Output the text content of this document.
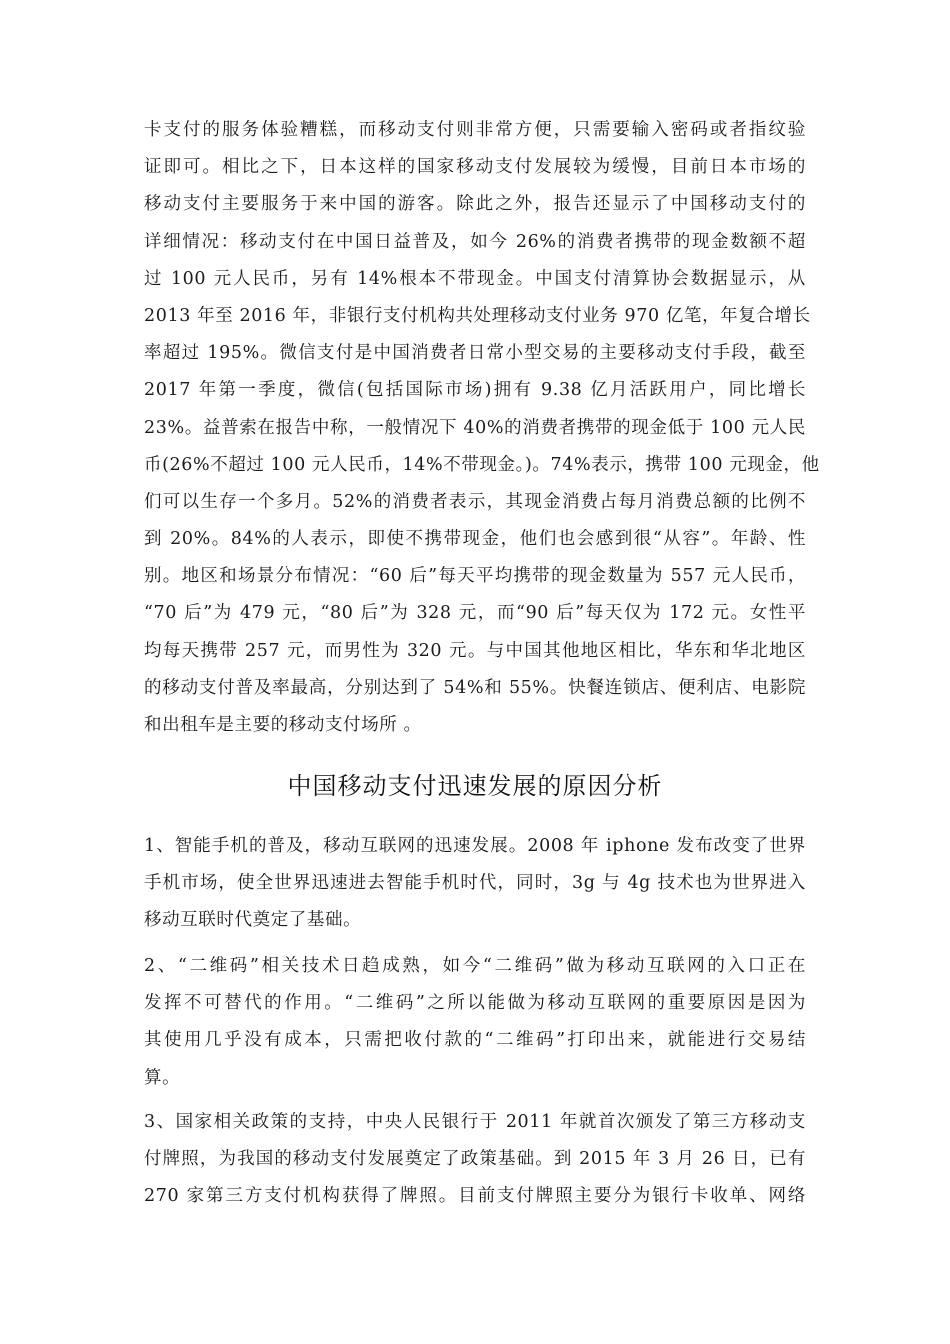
卡支付的服务体验糟糕，而移动支付则非常方便，只需要输入密码或者指纹验
证即可。相比之下，日本这样的国家移动支付发展较为缓慢，目前日本市场的
移动支付主要服务于来中国的游客。除此之外，报告还显示了中国移动支付的
详细情况：移动支付在中国日益普及，如今 26%的消费者携带的现金数额不超
过 100 元人民币，另有 14%根本不带现金。中国支付清算协会数据显示，从
2013 年至 2016 年，非银行支付机构共处理移动支付业务 970 亿笔，年复合增长
率超过 195%。微信支付是中国消费者日常小型交易的主要移动支付手段，截至
2017 年第一季度，微信(包括国际市场)拥有 9.38 亿月活跃用户，同比增长
23%。益普索在报告中称，一般情况下 40%的消费者携带的现金低于 100 元人民
币(26%不超过 100 元人民币，14%不带现金。)。74%表示，携带 100 元现金，他
们可以生存一个多月。52%的消费者表示，其现金消费占每月消费总额的比例不
到 20%。84%的人表示，即使不携带现金，他们也会感到很“从容”。年龄、性
别。地区和场景分布情况：“60 后”每天平均携带的现金数量为 557 元人民币，
“70 后”为 479 元，“80 后”为 328 元，而“90 后”每天仅为 172 元。女性平
均每天携带 257 元，而男性为 320 元。与中国其他地区相比，华东和华北地区
的移动支付普及率最高，分别达到了 54%和 55%。快餐连锁店、便利店、电影院
和出租车是主要的移动支付场所 。
中国移动支付迅速发展的原因分析
1、智能手机的普及，移动互联网的迅速发展。2008 年 iphone 发布改变了世界
手机市场，使全世界迅速进去智能手机时代，同时，3g 与 4g 技术也为世界进入
移动互联时代奠定了基础。
2、“二维码”相关技术日趋成熟，如今“二维码”做为移动互联网的入口正在
发挥不可替代的作用。“二维码”之所以能做为移动互联网的重要原因是因为
其使用几乎没有成本，只需把收付款的“二维码”打印出来，就能进行交易结
算。
3、国家相关政策的支持，中央人民银行于 2011 年就首次颁发了第三方移动支
付牌照，为我国的移动支付发展奠定了政策基础。到 2015 年 3 月 26 日，已有
270 家第三方支付机构获得了牌照。目前支付牌照主要分为银行卡收单、网络
